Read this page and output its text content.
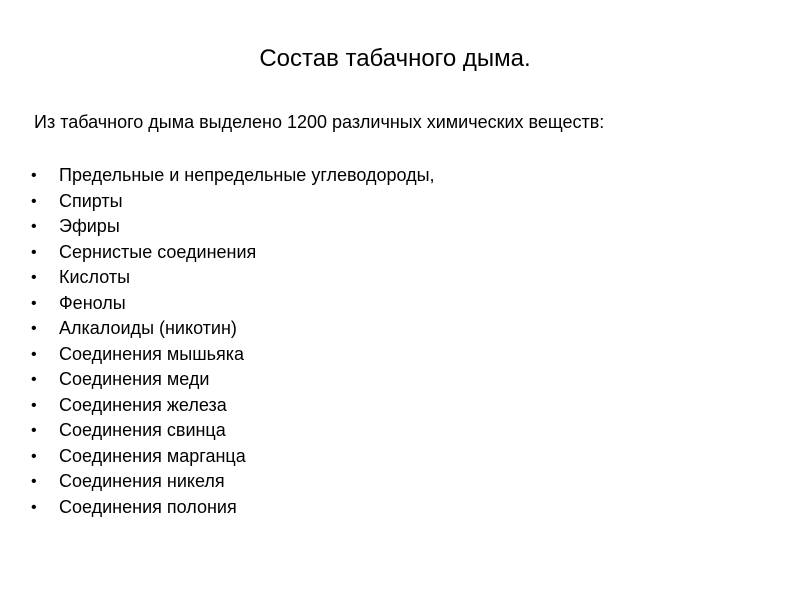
Состав табачного дыма.
Из табачного дыма выделено 1200 различных химических веществ:
• Предельные и непредельные углеводороды,
• Спирты
• Эфиры
• Сернистые соединения
• Кислоты
• Фенолы
• Алкалоиды (никотин)
• Соединения мышьяка
• Соединения меди
• Соединения железа
• Соединения свинца
• Соединения марганца
• Соединения никеля
• Соединения полония
